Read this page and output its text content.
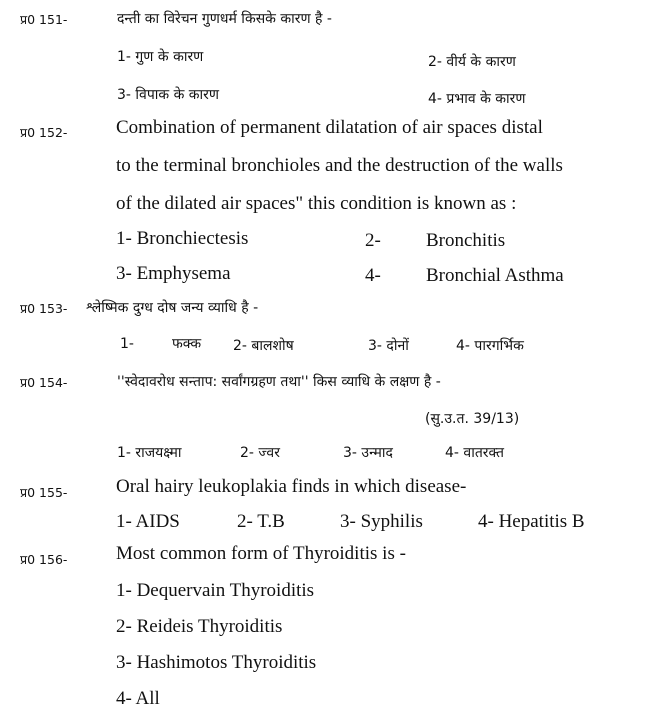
प्र0 151-	दन्ती का विरेचन गुणधर्म किसके कारण है -
1- गुण के कारण	2- वीर्य के कारण
3- विपाक के कारण	4- प्रभाव के कारण
प्र0 152-	Combination of permanent dilatation of air spaces distal
to the terminal bronchioles and the destruction of the walls
of the dilated air spaces" this condition is known as :
1- Bronchiectesis	2- Bronchitis
3- Emphysema	4- Bronchial Asthma
प्र0 153- श्लेष्मिक दुग्ध दोष जन्य व्याधि है -
1-	फक्क 2- बालशोष	3- दोनों	4- पारगर्भिक
प्र0 154-	''स्वेदावरोध सन्ताप: सर्वांगग्रहण तथा'' किस व्याधि के लक्षण है -
(सु.उ.त. 39/13)
1- राजयक्ष्मा	2- ज्वर	3- उन्माद	4- वातरक्त
प्र0 155-	Oral hairy leukoplakia finds in which disease-
1- AIDS	2- T.B	3- Syphilis	4- Hepatitis B
प्र0 156-	Most common form of Thyroiditis is -
1- Dequervain Thyroiditis
2- Reideis Thyroiditis
3- Hashimotos Thyroiditis
4- All
